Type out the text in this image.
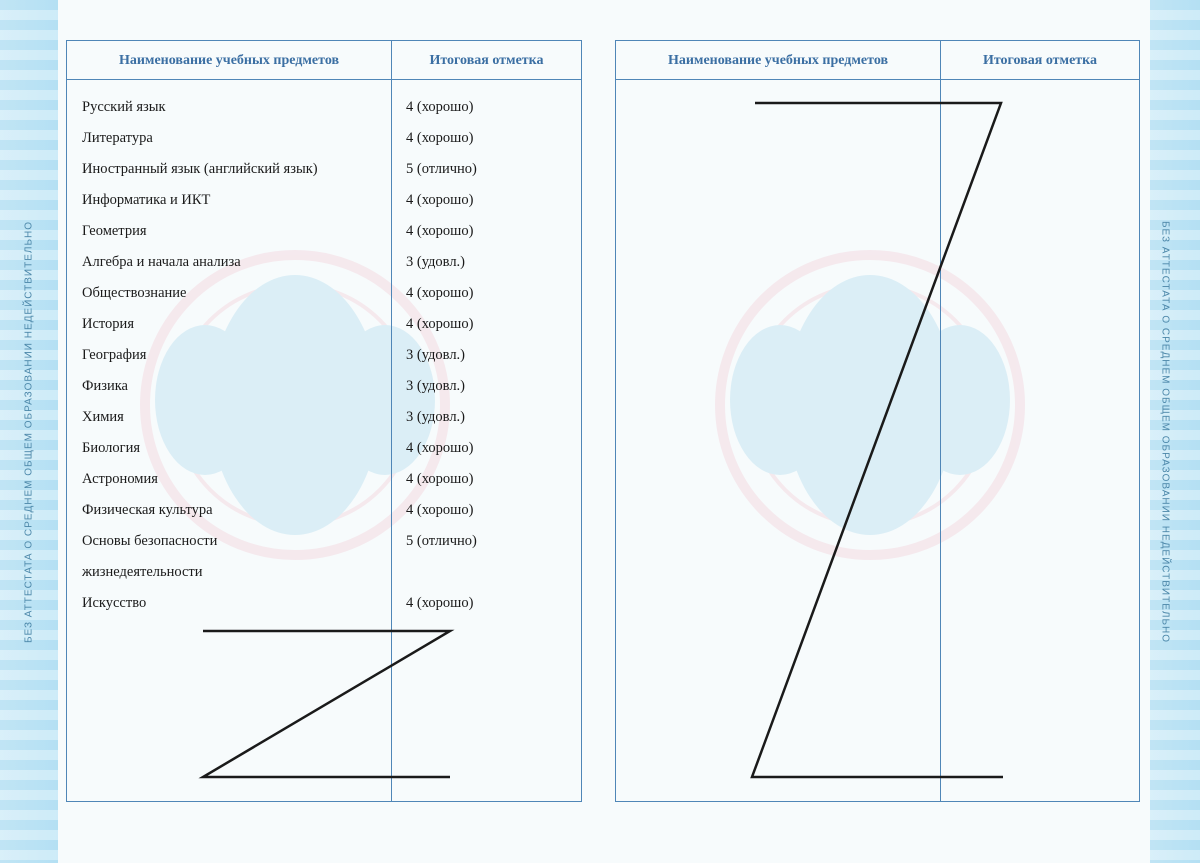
БЕЗ АТТЕСТАТА О СРЕДНЕМ ОБЩЕМ ОБРАЗОВАНИИ НЕДЕЙСТВИТЕЛЬНО	БЕЗ АТТЕСТАТА О СРЕДНЕМ ОБЩЕМ ОБРАЗОВАНИИ НЕДЕЙСТВИТЕЛЬНО
Наименование учебных предметов	Итоговая отметка
Русский язык	4 (хорошо)
Литература	4 (хорошо)
Иностранный язык (английский язык)	5 (отлично)
Информатика и ИКТ	4 (хорошо)
Геометрия	4 (хорошо)
Алгебра и начала анализа	3 (удовл.)
Обществознание	4 (хорошо)
История	4 (хорошо)
География	3 (удовл.)
Физика	3 (удовл.)
Химия	3 (удовл.)
Биология	4 (хорошо)
Астрономия	4 (хорошо)
Физическая культура	4 (хорошо)
Основы безопасности	5 (отлично)
жизнедеятельности
Искусство	4 (хорошо)
Наименование учебных предметов	Итоговая отметка
